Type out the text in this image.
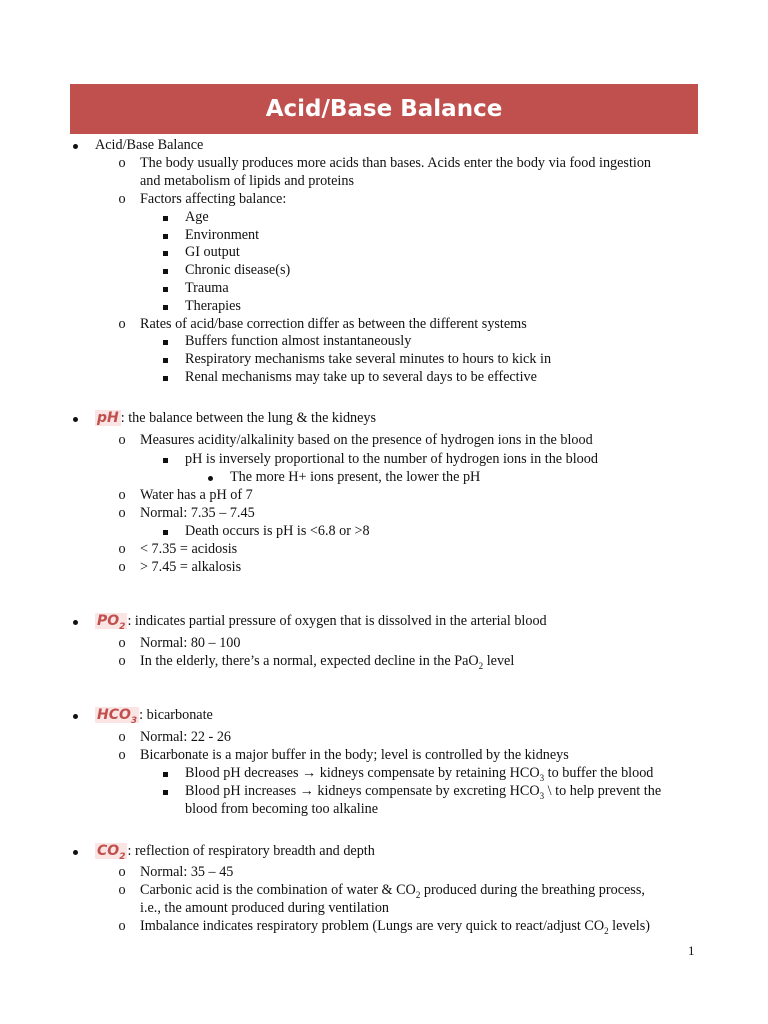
Acid/Base Balance
Acid/Base Balance
o The body usually produces more acids than bases. Acids enter the body via food ingestion
and metabolism of lipids and proteins
o Factors affecting balance:
Age
Environment
GI output
Chronic disease(s)
Trauma
Therapies
o Rates of acid/base correction differ as between the different systems
Buffers function almost instantaneously
Respiratory mechanisms take several minutes to hours to kick in
Renal mechanisms may take up to several days to be effective
pH : the balance between the lung & the kidneys
o Measures acidity/alkalinity based on the presence of hydrogen ions in the blood
pH is inversely proportional to the number of hydrogen ions in the blood
The more H+ ions present, the lower the pH
o Water has a pH of 7
o Normal: 7.35 – 7.45
Death occurs is pH is <6.8 or >8
o < 7.35 = acidosis
o > 7.45 = alkalosis
$PO_2$ : indicates partial pressure of oxygen that is dissolved in the arterial blood
o Normal: 80 – 100
o In the elderly, there’s a normal, expected decline in the PaO$_2$ level
$HCO_3$ : bicarbonate
o Normal: 22 - 26
o Bicarbonate is a major buffer in the body; level is controlled by the kidneys
Blood pH decreases → kidneys compensate by retaining $HCO_3$ to buffer the blood
Blood pH increases → kidneys compensate by excreting $HCO_3$ \ to help prevent the
blood from becoming too alkaline
$CO_2$ : reflection of respiratory breadth and depth
o Normal: 35 – 45
o Carbonic acid is the combination of water & $CO_2$ produced during the breathing process,
i.e., the amount produced during ventilation
o Imbalance indicates respiratory problem (Lungs are very quick to react/adjust $CO_2$ levels)
1
